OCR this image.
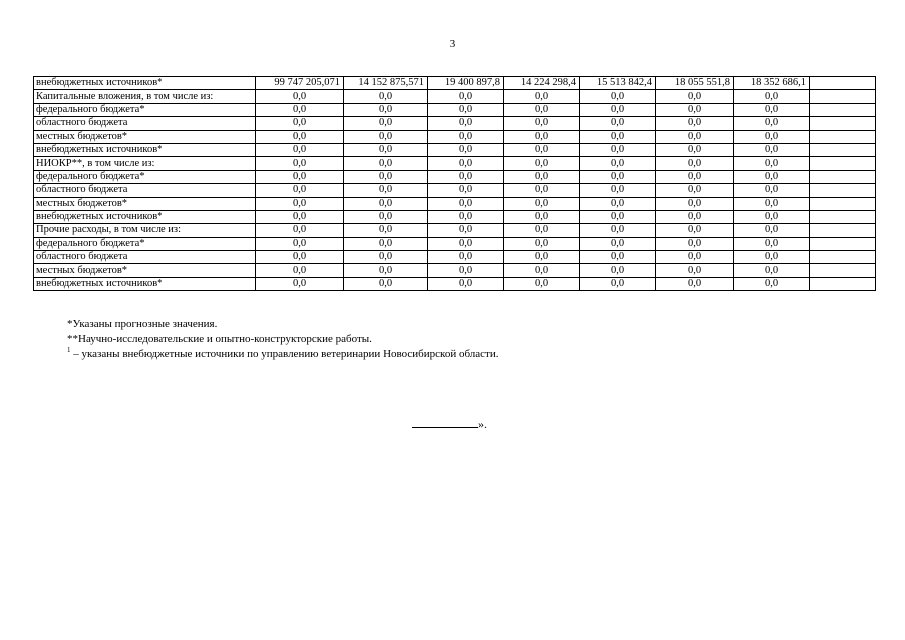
3
внебюджетных источников*	99 747 205,071	14 152 875,571	19 400 897,8	14 224 298,4	15 513 842,4	18 055 551,8	18 352 686,1	
Капитальные вложения, в том числе из:	0,0	0,0	0,0	0,0	0,0	0,0	0,0	
федерального бюджета*	0,0	0,0	0,0	0,0	0,0	0,0	0,0	
областного бюджета	0,0	0,0	0,0	0,0	0,0	0,0	0,0	
местных бюджетов*	0,0	0,0	0,0	0,0	0,0	0,0	0,0	
внебюджетных источников*	0,0	0,0	0,0	0,0	0,0	0,0	0,0	
НИОКР**, в том числе из:	0,0	0,0	0,0	0,0	0,0	0,0	0,0	
федерального бюджета*	0,0	0,0	0,0	0,0	0,0	0,0	0,0	
областного бюджета	0,0	0,0	0,0	0,0	0,0	0,0	0,0	
местных бюджетов*	0,0	0,0	0,0	0,0	0,0	0,0	0,0	
внебюджетных источников*	0,0	0,0	0,0	0,0	0,0	0,0	0,0	
Прочие расходы, в том числе из:	0,0	0,0	0,0	0,0	0,0	0,0	0,0	
федерального бюджета*	0,0	0,0	0,0	0,0	0,0	0,0	0,0	
областного бюджета	0,0	0,0	0,0	0,0	0,0	0,0	0,0	
местных бюджетов*	0,0	0,0	0,0	0,0	0,0	0,0	0,0	
внебюджетных источников*	0,0	0,0	0,0	0,0	0,0	0,0	0,0	
*Указаны прогнозные значения.
**Научно-исследовательские и опытно-конструкторские работы.
$^1$ – указаны внебюджетные источники по управлению ветеринарии Новосибирской области.
».
